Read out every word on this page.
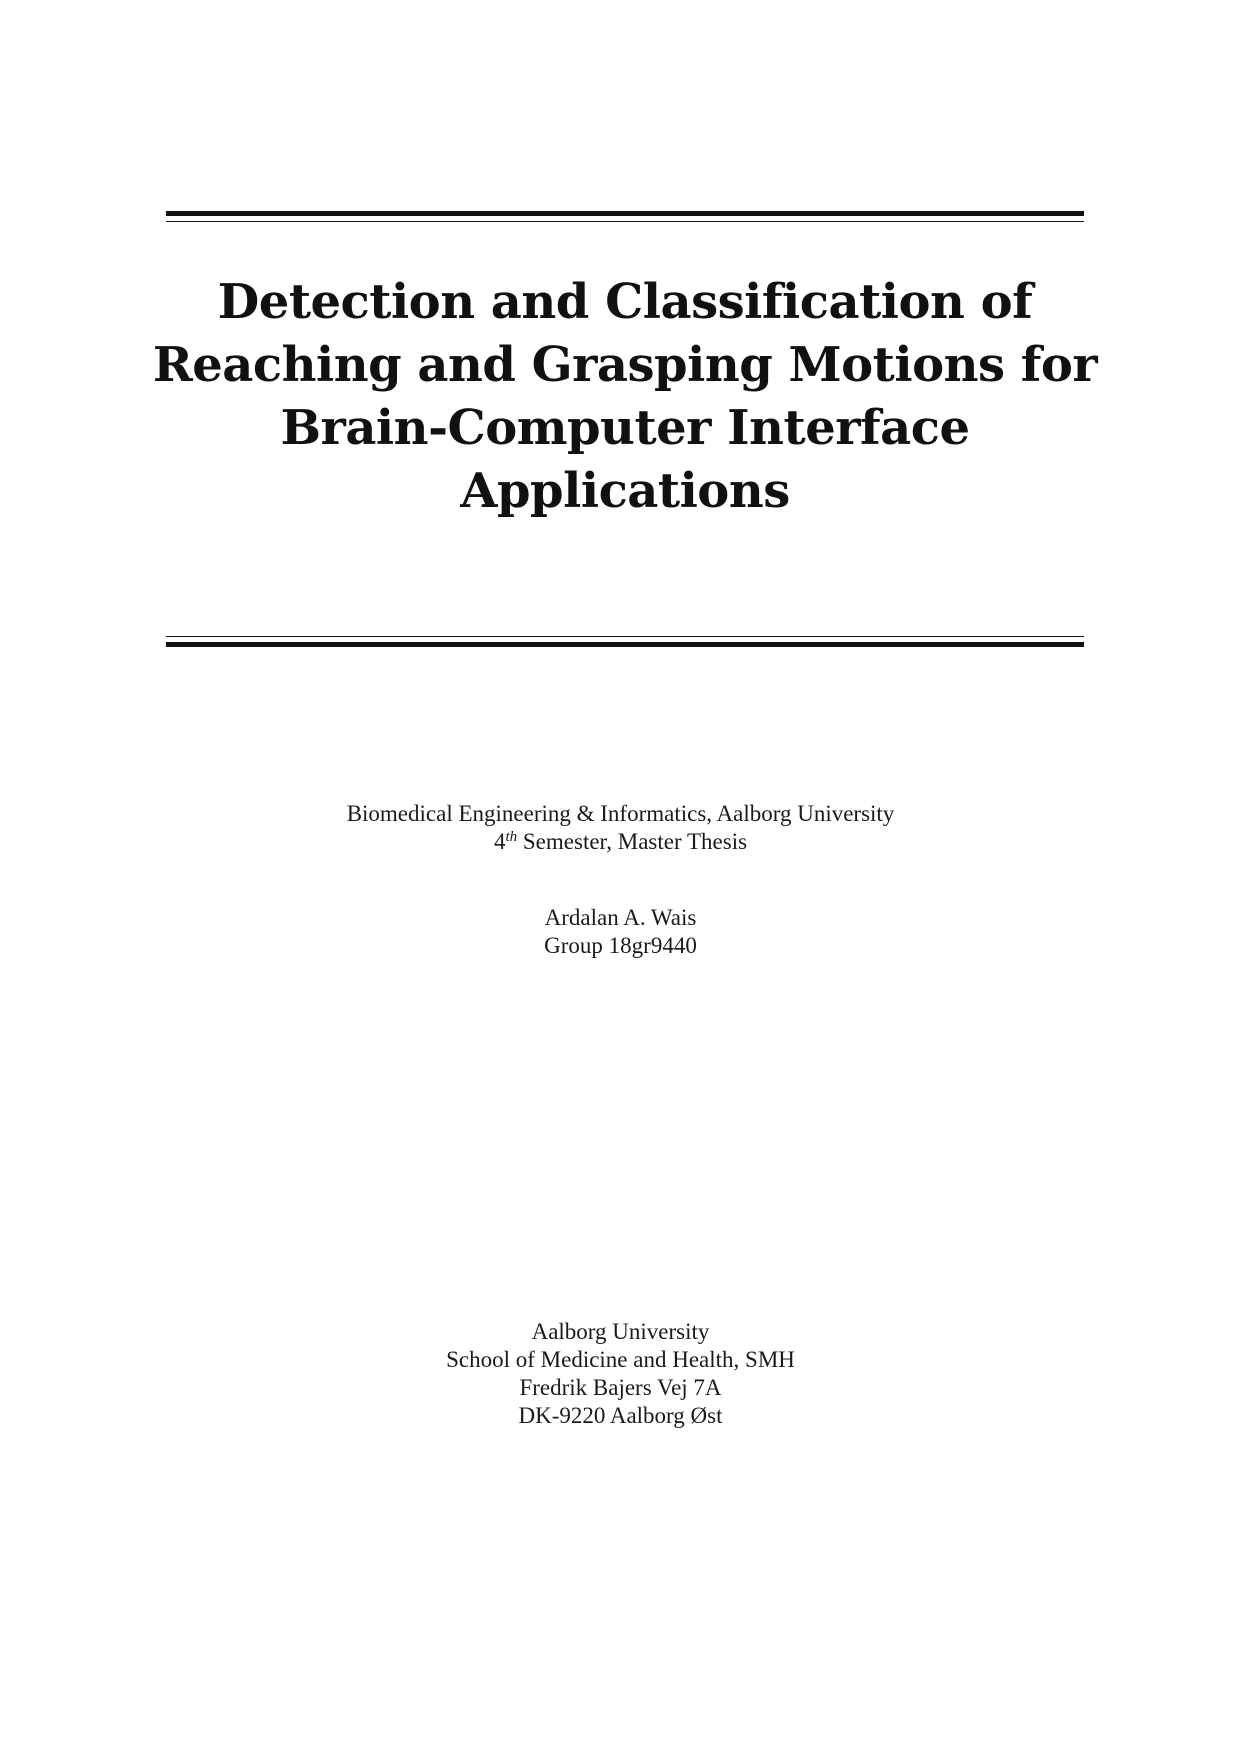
Detection and Classification of
Reaching and Grasping Motions for
Brain-Computer Interface
Applications
Biomedical Engineering & Informatics, Aalborg University
4th Semester, Master Thesis
Ardalan A. Wais
Group 18gr9440
Aalborg University
School of Medicine and Health, SMH
Fredrik Bajers Vej 7A
DK-9220 Aalborg Øst
